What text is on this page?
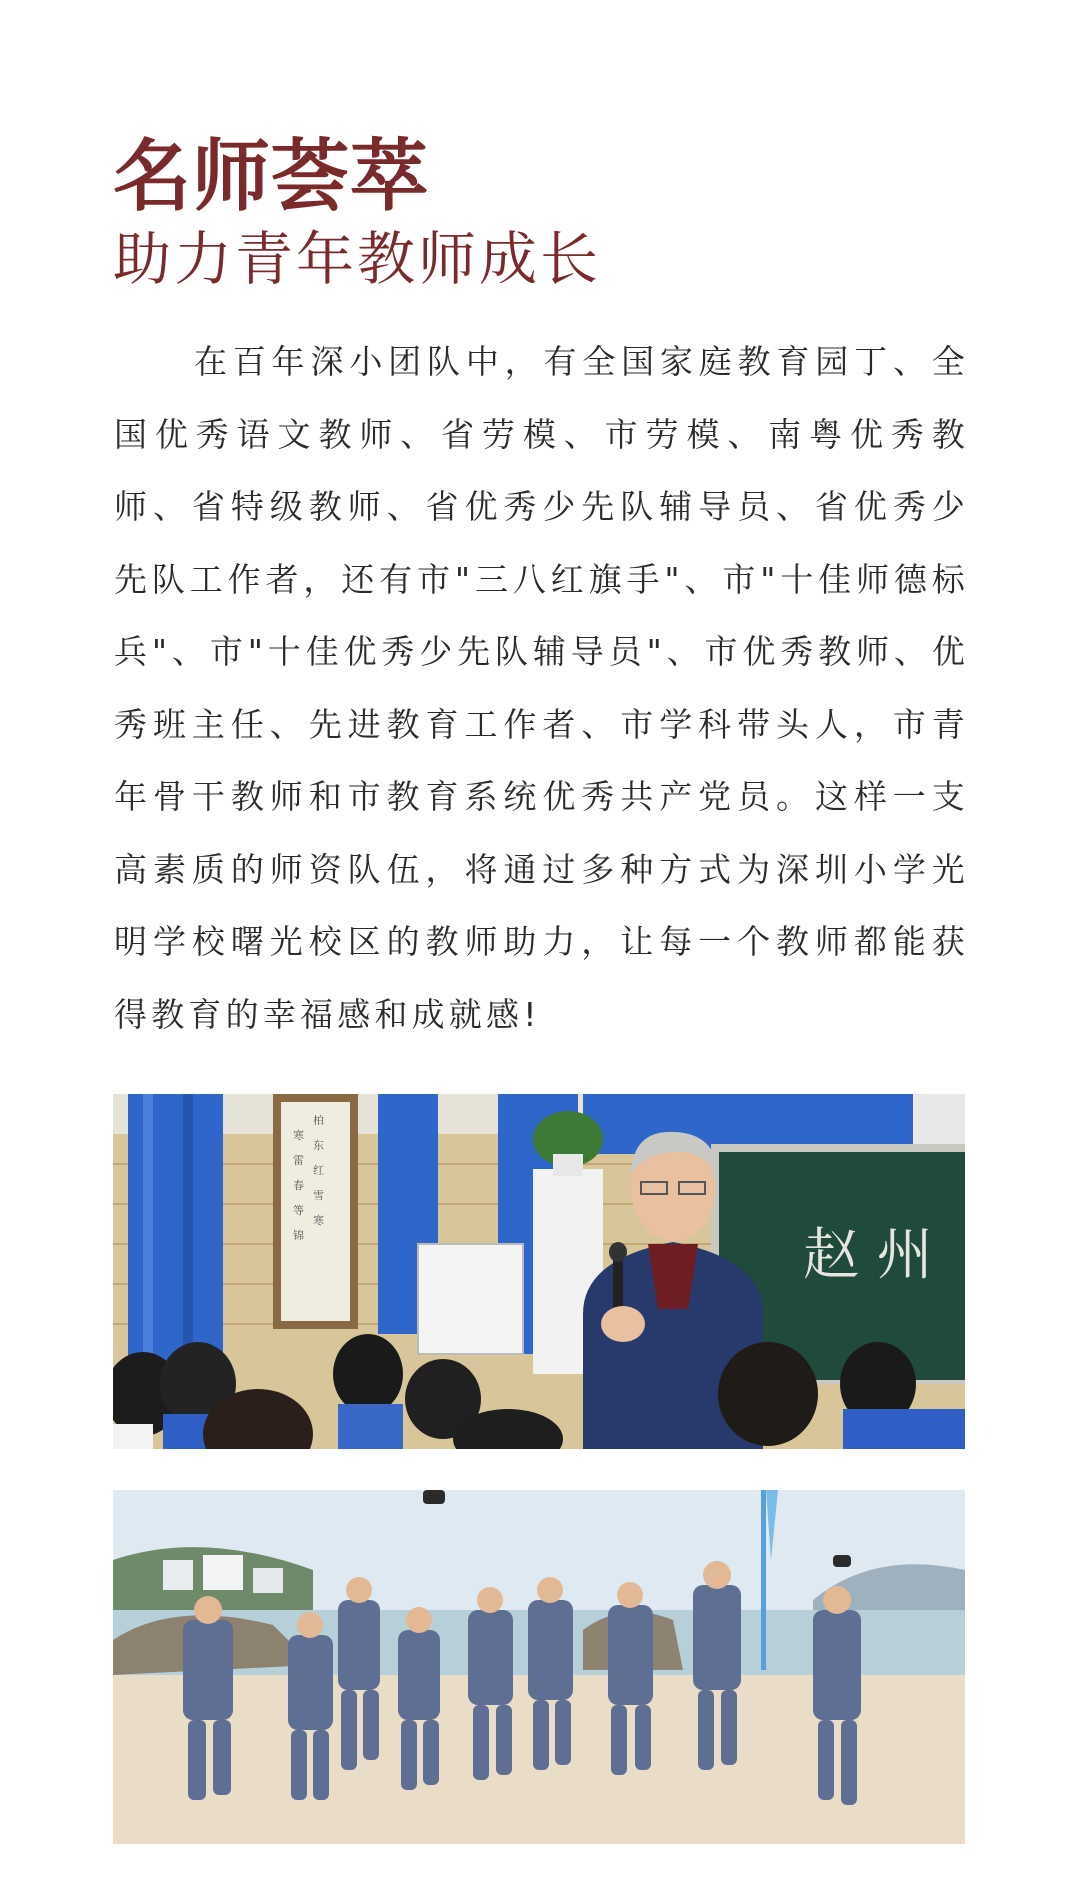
名师荟萃
助力青年教师成长

在百年深小团队中，有全国家庭教育园丁、全国优秀语文教师、省劳模、市劳模、南粤优秀教师、省特级教师、省优秀少先队辅导员、省优秀少先队工作者，还有市"三八红旗手"、市"十佳师德标兵"、市"十佳优秀少先队辅导员"、市优秀教师、优秀班主任、先进教育工作者、市学科带头人，市青年骨干教师和市教育系统优秀共产党员。这样一支高素质的师资队伍，将通过多种方式为深圳小学光明学校曙光校区的教师助力，让每一个教师都能获得教育的幸福感和成就感!

柏
东
红
雪
寒
寒
雷
春
等
锦	赵 州
